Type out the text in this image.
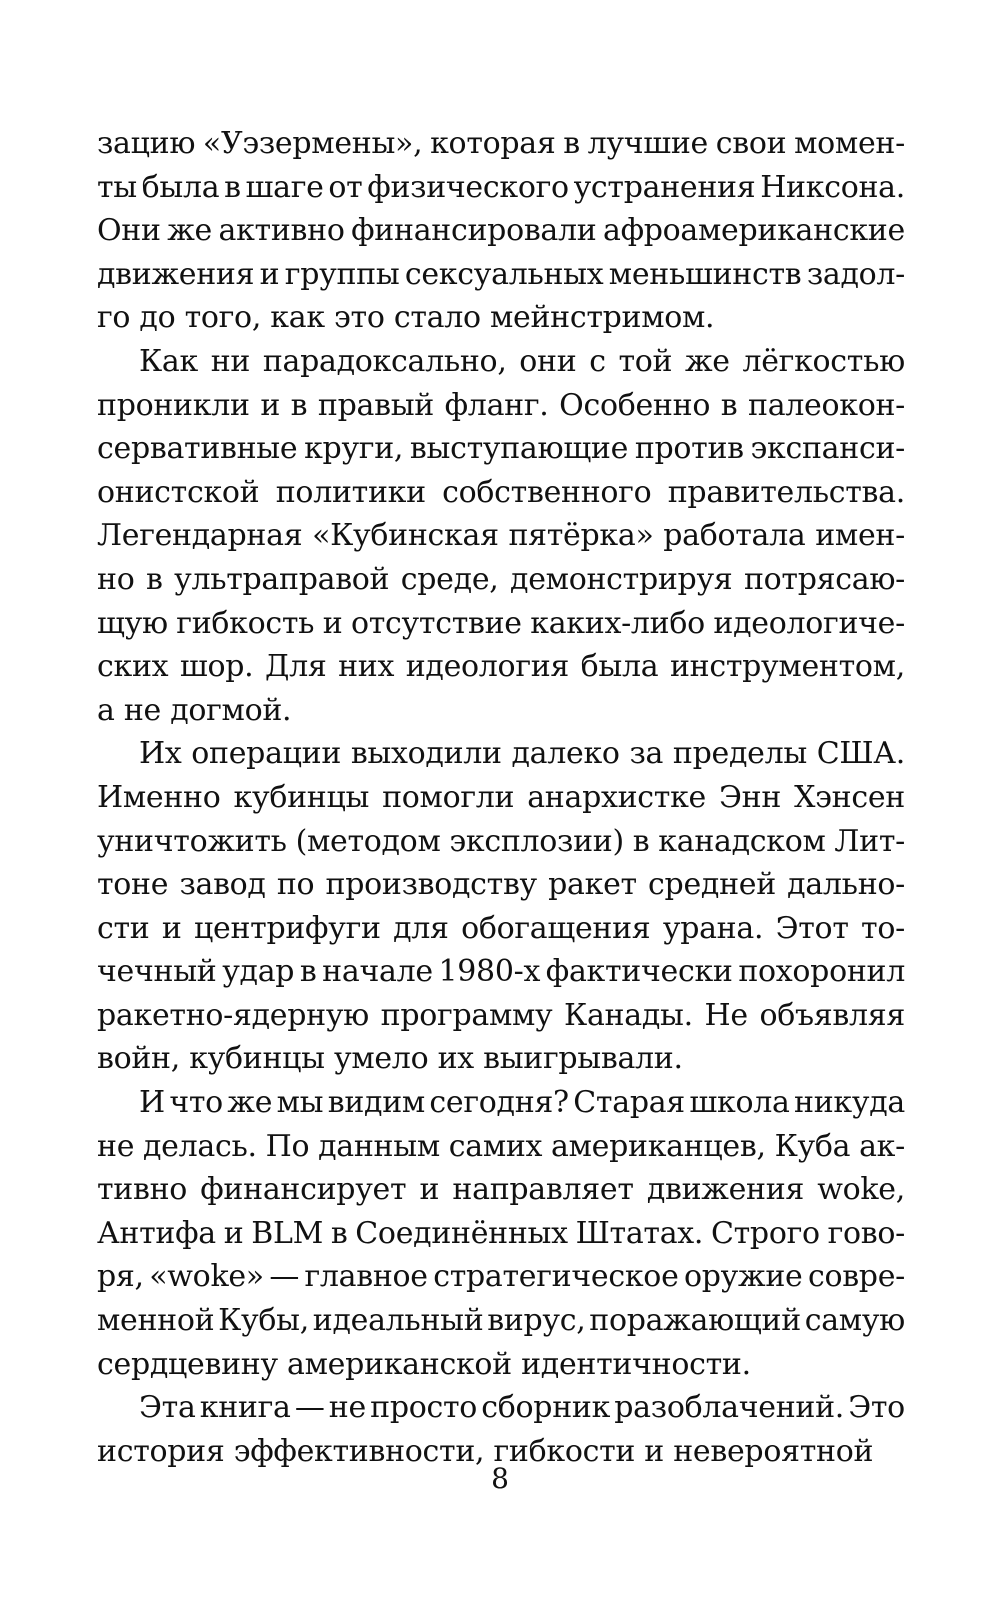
зацию «Уэзермены», которая в лучшие свои момен-
ты была в шаге от физического устранения Никсона.
Они же активно финансировали афроамериканские
движения и группы сексуальных меньшинств задол-
го до того, как это стало мейнстримом.
Как ни парадоксально, они с той же лёгкостью
проникли и в правый фланг. Особенно в палеокон-
сервативные круги, выступающие против экспанси-
онистской политики собственного правительства.
Легендарная «Кубинская пятёрка» работала имен-
но в ультраправой среде, демонстрируя потрясаю-
щую гибкость и отсутствие каких-либо идеологиче-
ских шор. Для них идеология была инструментом,
а не догмой.
Их операции выходили далеко за пределы США.
Именно кубинцы помогли анархистке Энн Хэнсен
уничтожить (методом эксплозии) в канадском Лит-
тоне завод по производству ракет средней дально-
сти и центрифуги для обогащения урана. Этот то-
чечный удар в начале 1980-х фактически похоронил
ракетно-ядерную программу Канады. Не объявляя
войн, кубинцы умело их выигрывали.
И что же мы видим сегодня? Старая школа никуда
не делась. По данным самих американцев, Куба ак-
тивно финансирует и направляет движения woke,
Антифа и BLM в Соединённых Штатах. Строго гово-
ря, «woke» — главное стратегическое оружие совре-
менной Кубы, идеальный вирус, поражающий самую
сердцевину американской идентичности.
Эта книга — не просто сборник разоблачений. Это
история эффективности, гибкости и невероятной
8
